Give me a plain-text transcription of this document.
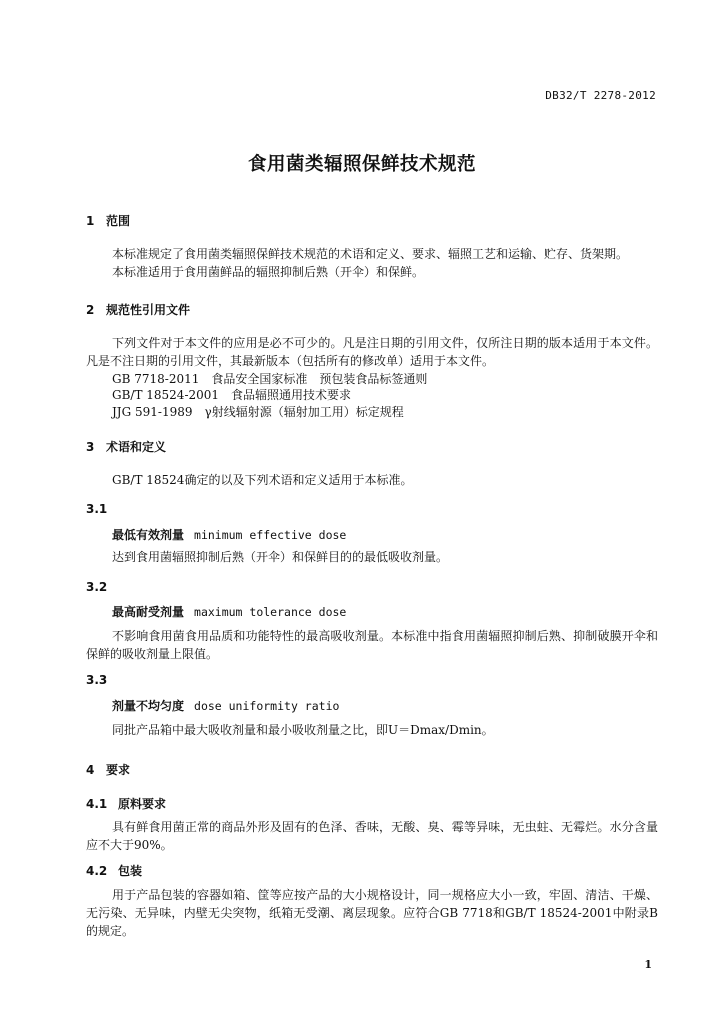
DB32/T 2278-2012
食用菌类辐照保鲜技术规范
1 范围
本标准规定了食用菌类辐照保鲜技术规范的术语和定义、要求、辐照工艺和运输、贮存、货架期。
本标准适用于食用菌鲜品的辐照抑制后熟（开伞）和保鲜。
2 规范性引用文件
下列文件对于本文件的应用是必不可少的。凡是注日期的引用文件，仅所注日期的版本适用于本文件。凡是不注日期的引用文件，其最新版本（包括所有的修改单）适用于本文件。
GB 7718-2011　食品安全国家标准　预包装食品标签通则
GB/T 18524-2001　食品辐照通用技术要求
JJG 591-1989　γ射线辐射源（辐射加工用）标定规程
3 术语和定义
GB/T 18524确定的以及下列术语和定义适用于本标准。
3.1
最低有效剂量 minimum effective dose
达到食用菌辐照抑制后熟（开伞）和保鲜目的的最低吸收剂量。
3.2
最高耐受剂量 maximum tolerance dose
不影响食用菌食用品质和功能特性的最高吸收剂量。本标准中指食用菌辐照抑制后熟、抑制破膜开伞和保鲜的吸收剂量上限值。
3.3
剂量不均匀度 dose uniformity ratio
同批产品箱中最大吸收剂量和最小吸收剂量之比，即U＝Dmax/Dmin。
4 要求
4.1 原料要求
具有鲜食用菌正常的商品外形及固有的色泽、香味，无酸、臭、霉等异味，无虫蛀、无霉烂。水分含量应不大于90%。
4.2 包装
用于产品包装的容器如箱、筐等应按产品的大小规格设计，同一规格应大小一致，牢固、清洁、干燥、无污染、无异味，内壁无尖突物，纸箱无受潮、离层现象。应符合GB 7718和GB/T 18524-2001中附录B的规定。
1
